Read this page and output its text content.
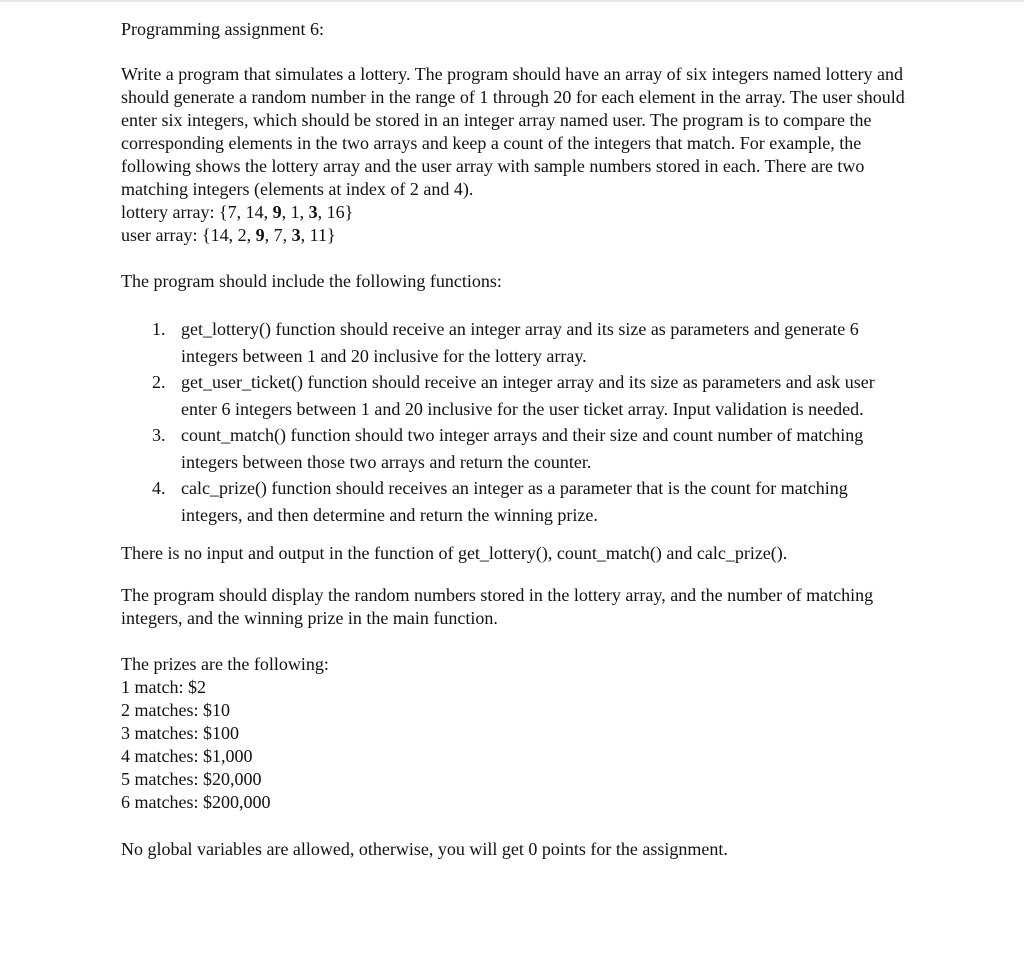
Programming assignment 6:

Write a program that simulates a lottery. The program should have an array of six integers named lottery and should generate a random number in the range of 1 through 20 for each element in the array. The user should enter six integers, which should be stored in an integer array named user. The program is to compare the corresponding elements in the two arrays and keep a count of the integers that match. For example, the following shows the lottery array and the user array with sample numbers stored in each. There are two matching integers (elements at index of 2 and 4).

lottery array: {7, 14, 9, 1, 3, 16}

user array: {14, 2, 9, 7, 3, 11}

The program should include the following functions:

1. get_lottery() function should receive an integer array and its size as parameters and generate 6 integers between 1 and 20 inclusive for the lottery array.
2. get_user_ticket() function should receive an integer array and its size as parameters and ask user enter 6 integers between 1 and 20 inclusive for the user ticket array. Input validation is needed.
3. count_match() function should two integer arrays and their size and count number of matching integers between those two arrays and return the counter.
4. calc_prize() function should receives an integer as a parameter that is the count for matching integers, and then determine and return the winning prize.

There is no input and output in the function of get_lottery(), count_match() and calc_prize().

The program should display the random numbers stored in the lottery array, and the number of matching integers, and the winning prize in the main function.

The prizes are the following:

1 match: $2

2 matches: $10

3 matches: $100

4 matches: $1,000

5 matches: $20,000

6 matches: $200,000

No global variables are allowed, otherwise, you will get 0 points for the assignment.
